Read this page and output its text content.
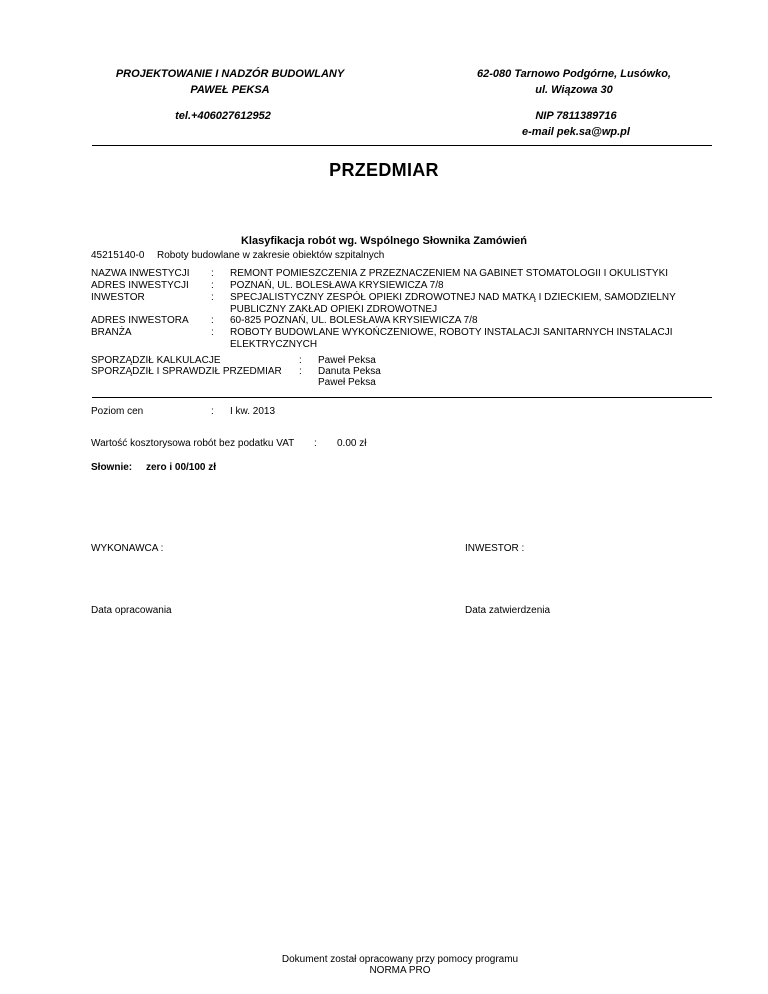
PROJEKTOWANIE I NADZÓR BUDOWLANY
PAWEŁ PEKSA
tel.+406027612952
62-080 Tarnowo Podgórne, Lusówko,
ul. Wiązowa 30
NIP 7811389716
e-mail pek.sa@wp.pl
PRZEDMIAR
Klasyfikacja robót wg. Wspólnego Słownika Zamówień
45215140-0 Roboty budowlane w zakresie obiektów szpitalnych
NAZWA INWESTYCJI : REMONT POMIESZCZENIA Z PRZEZNACZENIEM NA GABINET STOMATOLOGII I OKULISTYKI
ADRES INWESTYCJI : POZNAŃ, UL. BOLESŁAWA KRYSIEWICZA 7/8
INWESTOR	: SPECJALISTYCZNY ZESPÓŁ OPIEKI ZDROWOTNEJ NAD MATKĄ I DZIECKIEM, SAMODZIELNY
PUBLICZNY ZAKŁAD OPIEKI ZDROWOTNEJ
ADRES INWESTORA : 60-825 POZNAŃ, UL. BOLESŁAWA KRYSIEWICZA 7/8
BRANŻA	: ROBOTY BUDOWLANE WYKOŃCZENIOWE, ROBOTY INSTALACJI SANITARNYCH INSTALACJI
ELEKTRYCZNYCH
SPORZĄDZIŁ KALKULACJE	: Paweł Peksa
SPORZĄDZIŁ I SPRAWDZIŁ PRZEDMIAR : Danuta Peksa
Paweł Peksa
Poziom cen	: I kw. 2013
Wartość kosztorysowa robót bez podatku VAT : 0.00 zł
Słownie: zero i 00/100 zł
WYKONAWCA :	INWESTOR :
Data opracowania	Data zatwierdzenia
Dokument został opracowany przy pomocy programu
NORMA PRO
